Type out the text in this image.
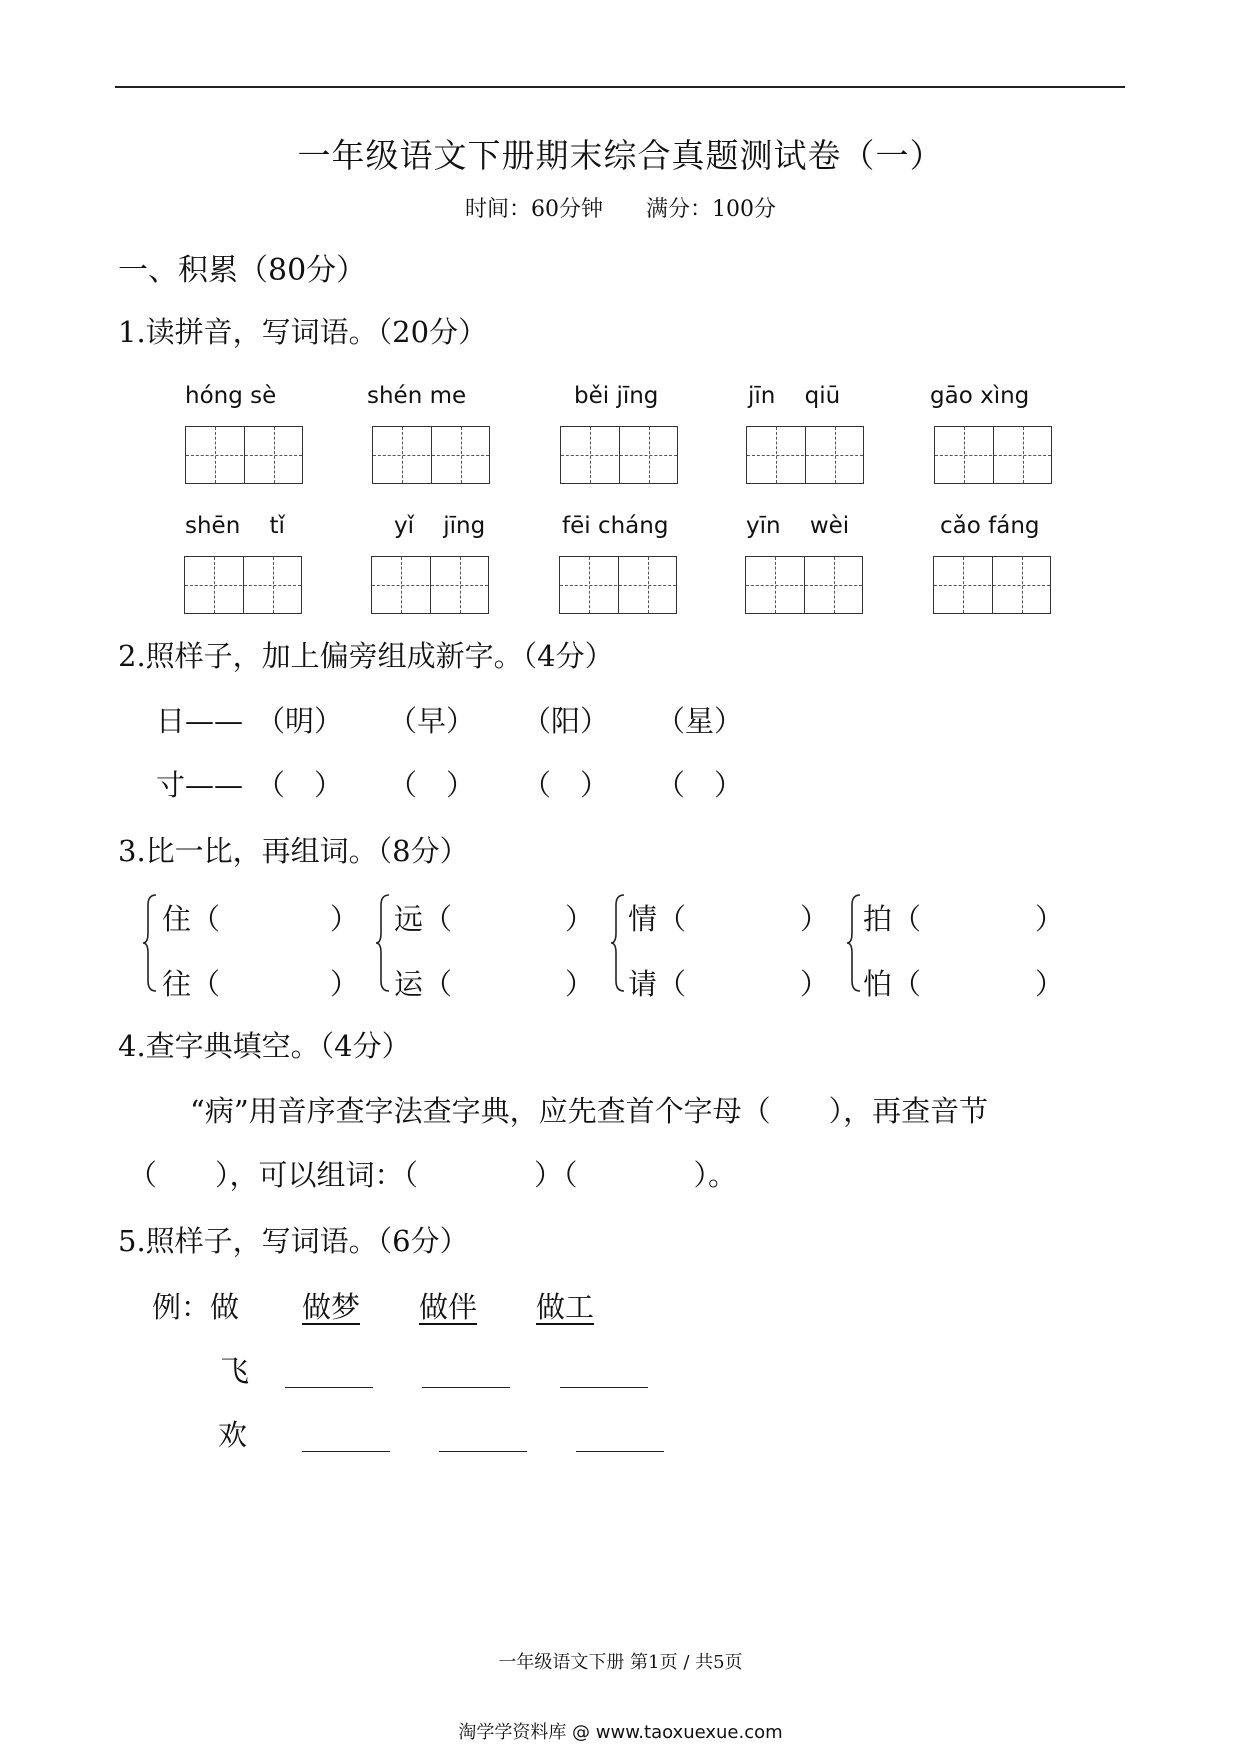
一年级语文下册期末综合真题测试卷（一）
时间：60分钟 满分：100分
一、积累（80分）
1.读拼音，写词语。（20分）
hóng sè	shén me	běi jīng	jīn    qiū	gāo xìng
shēn    tǐ	yǐ    jīng	fēi cháng	yīn    wèi	cǎo fáng
2.照样子，加上偏旁组成新字。（4分）
日—— （明） （早） （阳） （星）
寸—— （　） （　） （　） （　）
3.比一比，再组词。（8分）
住（	）
往（	）
远（	）
运（	）
情（	）
请（	）
拍（	）
怕（	）
4.查字典填空。（4分）
“病”用音序查字法查字典，应先查首个字母（　　），再查音节
（　　），可以组词：（　　　　）（　　　　）。
5.照样子，写词语。（6分）
例：做 做梦 做伴 做工
飞
欢
一年级语文下册 第1页 / 共5页
淘学学资料库 @ www.taoxuexue.com
